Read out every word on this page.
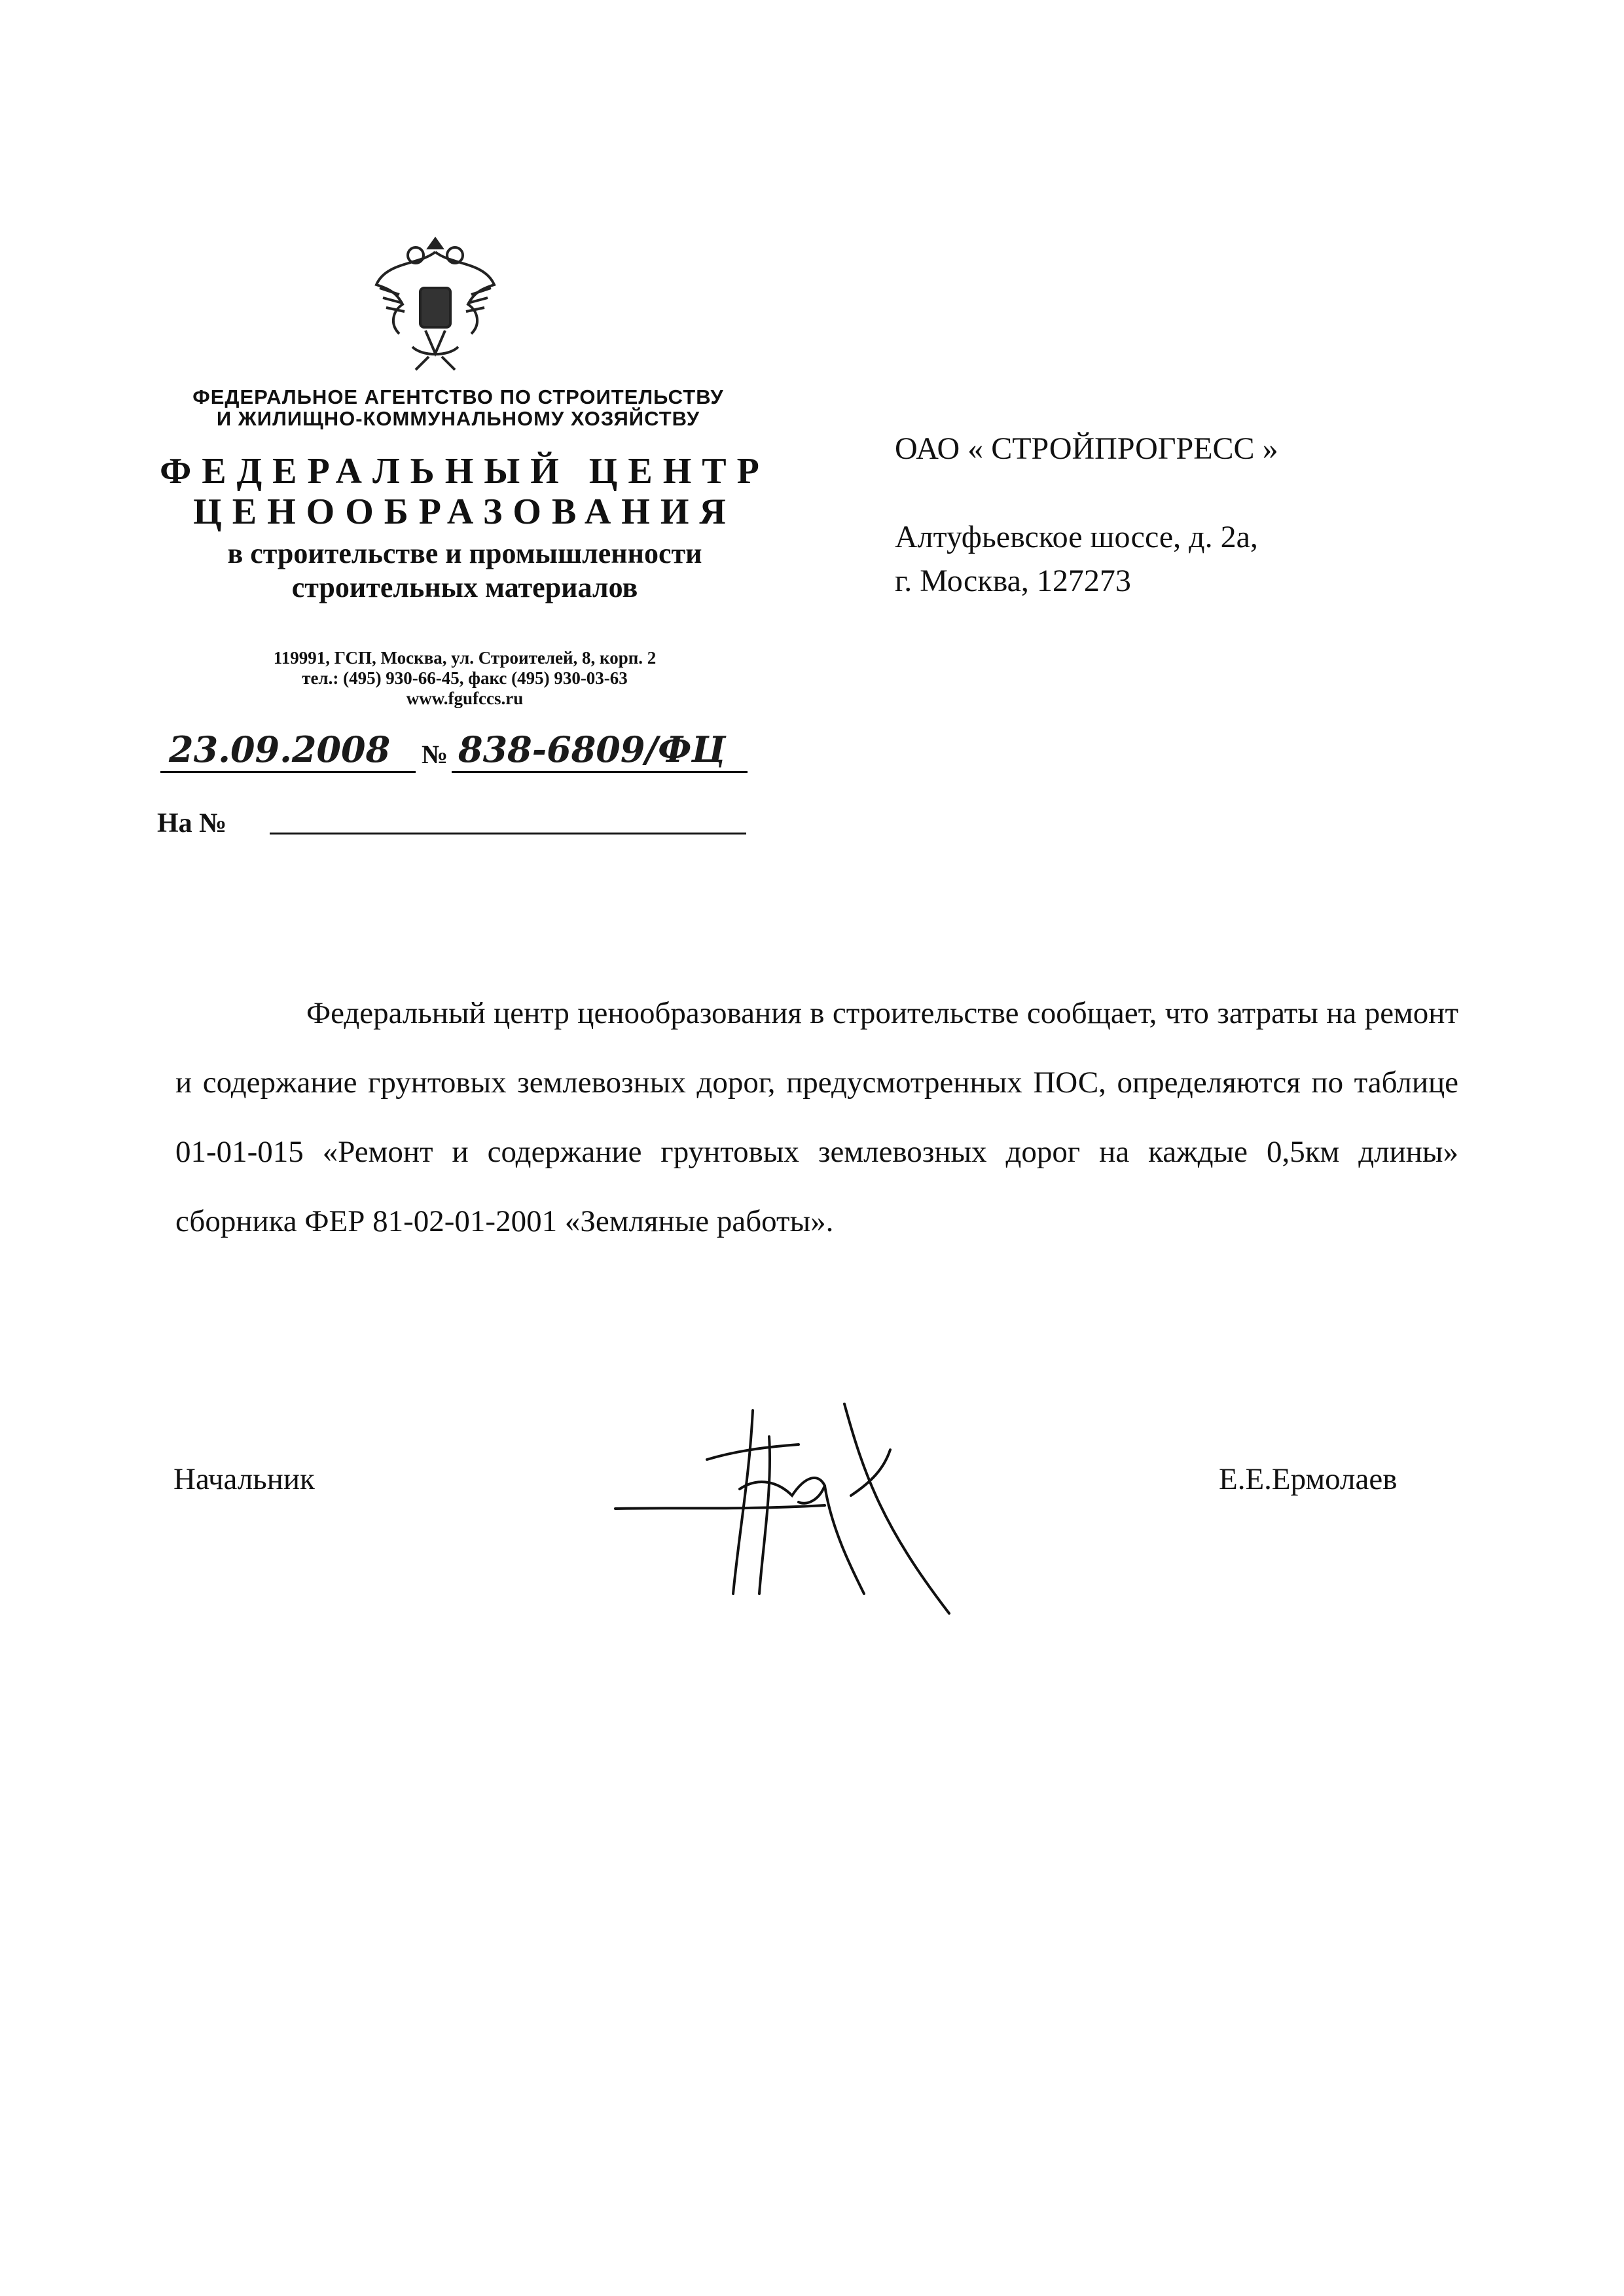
ФЕДЕРАЛЬНОЕ АГЕНТСТВО ПО СТРОИТЕЛЬСТВУ
И ЖИЛИЩНО-КОММУНАЛЬНОМУ ХОЗЯЙСТВУ
ФЕДЕРАЛЬНЫЙ ЦЕНТР
ЦЕНООБРАЗОВАНИЯ
в строительстве и промышленности
строительных материалов
119991, ГСП, Москва, ул. Строителей, 8, корп. 2
тел.: (495) 930-66-45, факс (495) 930-03-63
www.fgufccs.ru
23.09.2008 № 838-6809/ФЦ
На №
ОАО « СТРОЙПРОГРЕСС »
Алтуфьевское шоссе, д. 2а,
г. Москва, 127273

Федеральный центр ценообразования в строительстве сообщает, что затраты на ремонт и содержание грунтовых землевозных дорог, предусмотренных ПОС, определяются по таблице 01-01-015 «Ремонт и содержание грунтовых землевозных дорог на каждые 0,5км длины» сборника ФЕР 81-02-01-2001 «Земляные работы».

Начальник	Е.Е.Ермолаев
